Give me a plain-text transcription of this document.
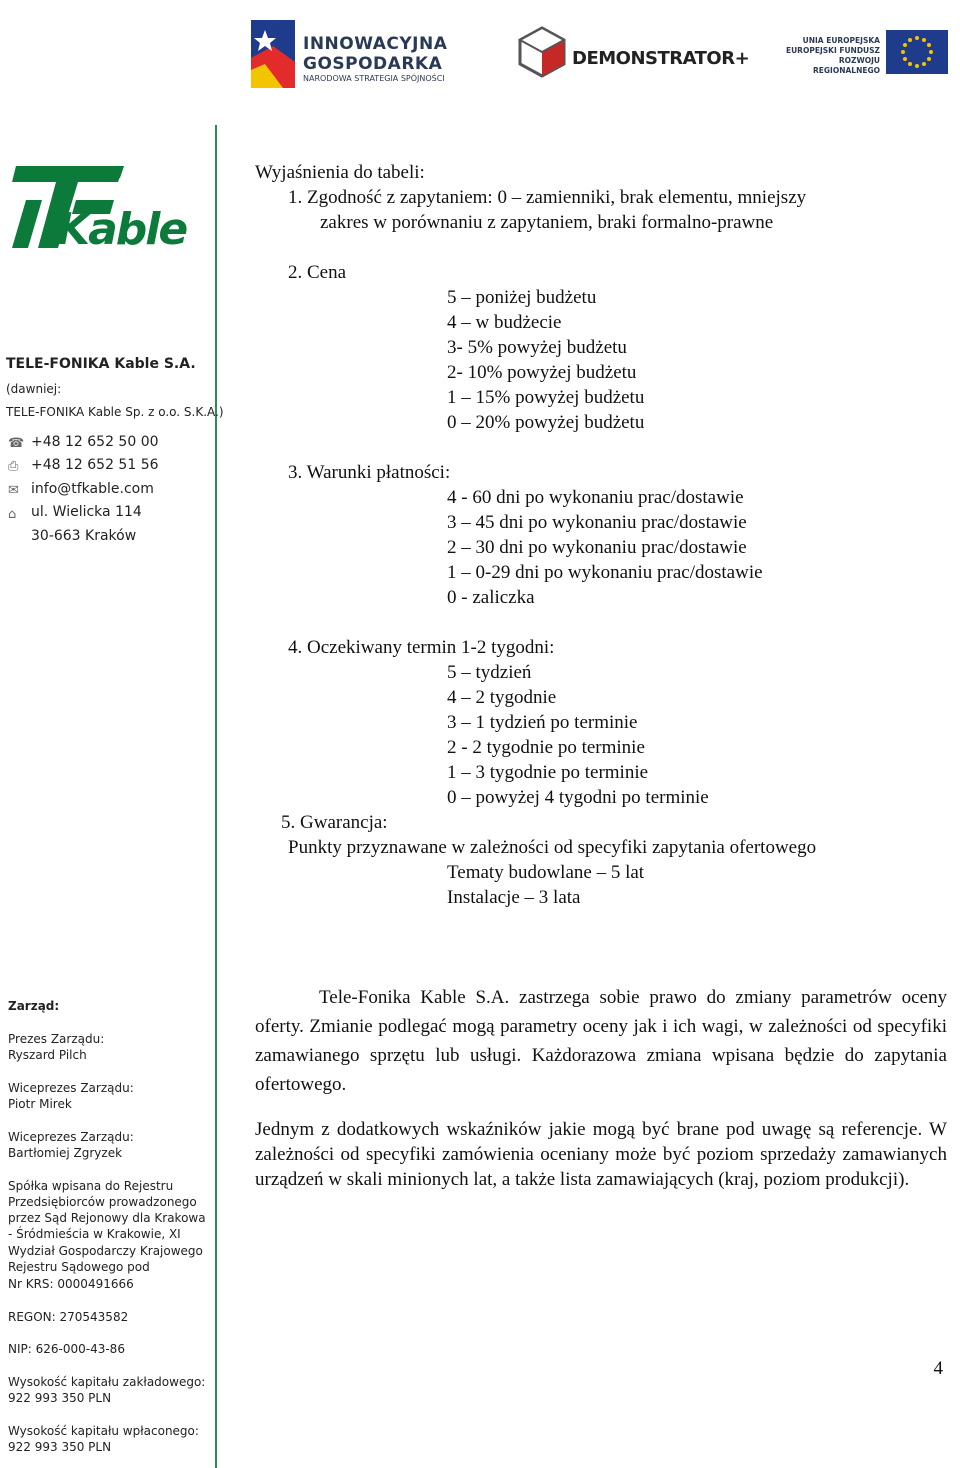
INNOWACYJNA
GOSPODARKA
NARODOWA STRATEGIA SPÓJNOŚCI
DEMONSTRATOR+
UNIA EUROPEJSKA
EUROPEJSKI FUNDUSZ
ROZWOJU REGIONALNEGO
Kable
TELE-FONIKA Kable S.A.
(dawniej:
TELE-FONIKA Kable Sp. z o.o. S.K.A.)
☎ +48 12 652 50 00
⎙ +48 12 652 51 56
✉ info@tfkable.com
⌂	ul. Wielicka 114
30-663 Kraków
Zarząd:
Prezes Zarządu:
Ryszard Pilch
Wiceprezes Zarządu:
Piotr Mirek
Wiceprezes Zarządu:
Bartłomiej Zgryzek
Spółka wpisana do Rejestru
Przedsiębiorców prowadzonego
przez Sąd Rejonowy dla Krakowa
- Śródmieścia w Krakowie, XI
Wydział Gospodarczy Krajowego
Rejestru Sądowego pod
Nr KRS: 0000491666
REGON: 270543582
NIP: 626-000-43-86
Wysokość kapitału zakładowego:
922 993 350 PLN
Wysokość kapitału wpłaconego:
922 993 350 PLN
Wyjaśnienia do tabeli:
1. Zgodność z zapytaniem: 0 – zamienniki, brak elementu, mniejszy
zakres w porównaniu z zapytaniem, braki formalno-prawne
2. Cena
5 – poniżej budżetu
4 – w budżecie
3- 5% powyżej budżetu
2- 10% powyżej budżetu
1 – 15% powyżej budżetu
0 – 20% powyżej budżetu
3. Warunki płatności:
4 - 60 dni po wykonaniu prac/dostawie
3 – 45 dni po wykonaniu prac/dostawie
2 – 30 dni po wykonaniu prac/dostawie
1 – 0-29 dni po wykonaniu prac/dostawie
0 - zaliczka
4. Oczekiwany termin 1-2 tygodni:
5 – tydzień
4 – 2 tygodnie
3 – 1 tydzień po terminie
2 - 2 tygodnie po terminie
1 – 3 tygodnie po terminie
0 – powyżej 4 tygodni po terminie
5. Gwarancja:
Punkty przyznawane w zależności od specyfiki zapytania ofertowego
Tematy budowlane – 5 lat
Instalacje – 3 lata
Tele-Fonika Kable S.A. zastrzega sobie prawo do zmiany parametrów oceny oferty. Zmianie podlegać mogą parametry oceny jak i ich wagi, w zależności od specyfiki zamawianego sprzętu lub usługi. Każdorazowa zmiana wpisana będzie do zapytania ofertowego.
Jednym z dodatkowych wskaźników jakie mogą być brane pod uwagę są referencje. W zależności od specyfiki zamówienia oceniany może być poziom sprzedaży zamawianych urządzeń w skali minionych lat, a także lista zamawiających (kraj, poziom produkcji).
4
